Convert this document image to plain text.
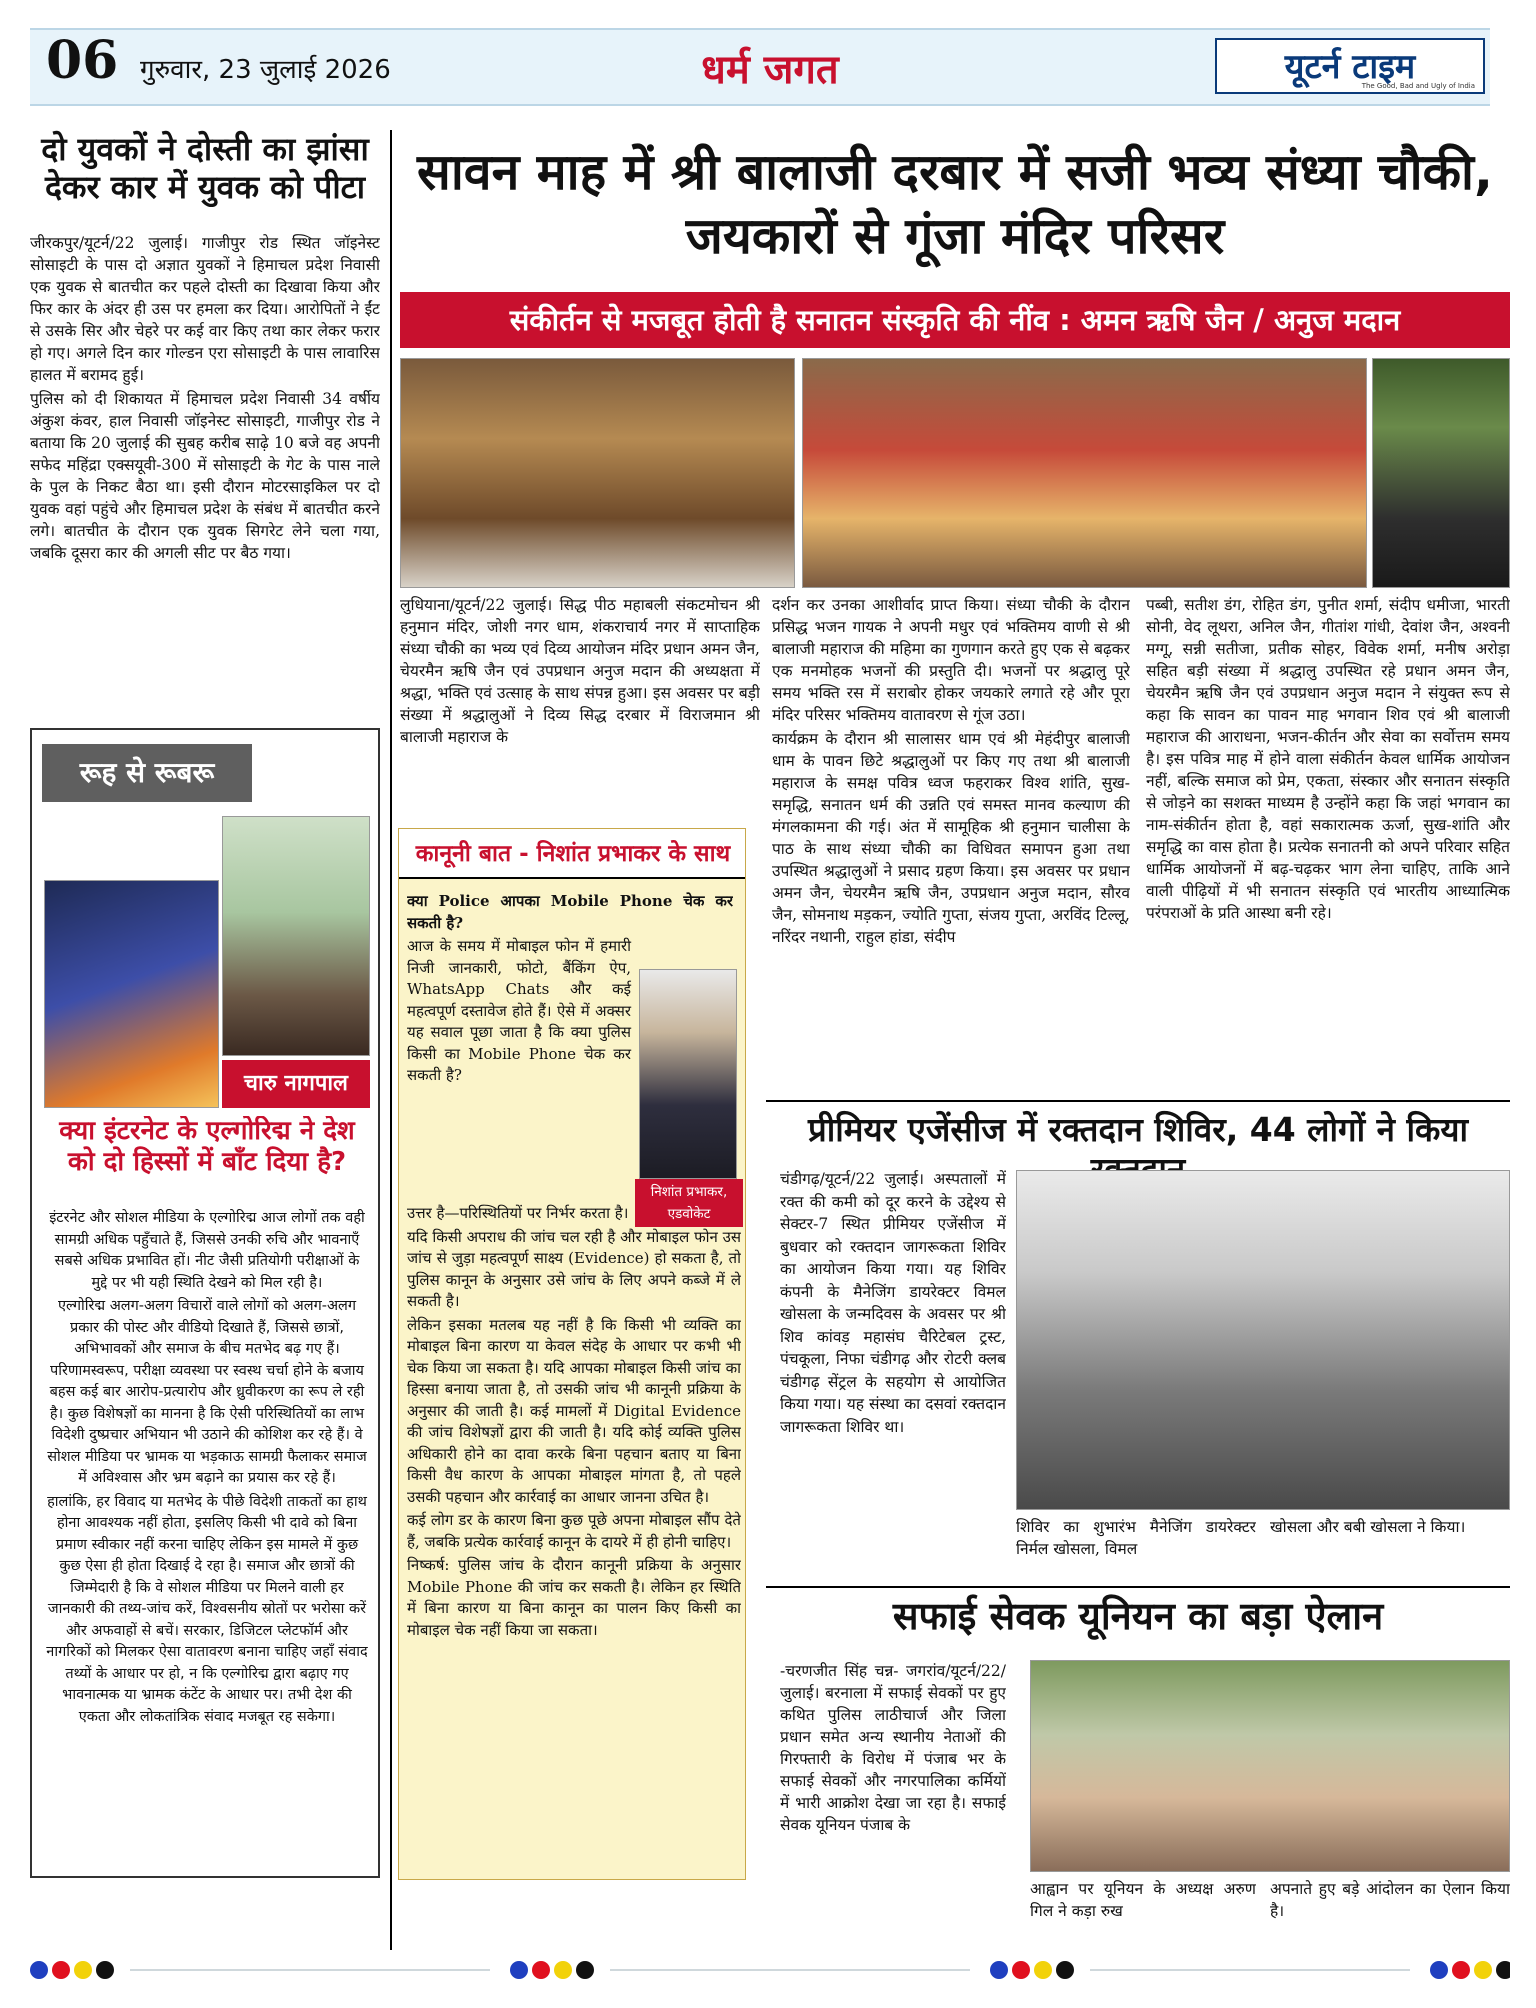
06 गुरुवार, 23 जुलाई 2026	धर्म जगत	यूटर्न टाइम
The Good, Bad and Ugly of India
दो युवकों ने दोस्ती का झांसा देकर कार में युवक को पीटा

जीरकपुर/यूटर्न/22 जुलाई। गाजीपुर रोड स्थित जॉइनेस्ट सोसाइटी के पास दो अज्ञात युवकों ने हिमाचल प्रदेश निवासी एक युवक से बातचीत कर पहले दोस्ती का दिखावा किया और फिर कार के अंदर ही उस पर हमला कर दिया। आरोपितों ने ईंट से उसके सिर और चेहरे पर कई वार किए तथा कार लेकर फरार हो गए। अगले दिन कार गोल्डन एरा सोसाइटी के पास लावारिस हालत में बरामद हुई।

पुलिस को दी शिकायत में हिमाचल प्रदेश निवासी 34 वर्षीय अंकुश कंवर, हाल निवासी जॉइनेस्ट सोसाइटी, गाजीपुर रोड ने बताया कि 20 जुलाई की सुबह करीब साढ़े 10 बजे वह अपनी सफेद महिंद्रा एक्सयूवी-300 में सोसाइटी के गेट के पास नाले के पुल के निकट बैठा था। इसी दौरान मोटरसाइकिल पर दो युवक वहां पहुंचे और हिमाचल प्रदेश के संबंध में बातचीत करने लगे। बातचीत के दौरान एक युवक सिगरेट लेने चला गया, जबकि दूसरा कार की अगली सीट पर बैठ गया।

रूह से रूबरू
चारु नागपाल
क्या इंटरनेट के एल्गोरिद्म ने देश को दो हिस्सों में बाँट दिया है?

इंटरनेट और सोशल मीडिया के एल्गोरिद्म आज लोगों तक वही सामग्री अधिक पहुँचाते हैं, जिससे उनकी रुचि और भावनाएँ सबसे अधिक प्रभावित हों। नीट जैसी प्रतियोगी परीक्षाओं के मुद्दे पर भी यही स्थिति देखने को मिल रही है।

एल्गोरिद्म अलग-अलग विचारों वाले लोगों को अलग-अलग प्रकार की पोस्ट और वीडियो दिखाते हैं, जिससे छात्रों, अभिभावकों और समाज के बीच मतभेद बढ़ गए हैं। परिणामस्वरूप, परीक्षा व्यवस्था पर स्वस्थ चर्चा होने के बजाय बहस कई बार आरोप-प्रत्यारोप और ध्रुवीकरण का रूप ले रही है। कुछ विशेषज्ञों का मानना है कि ऐसी परिस्थितियों का लाभ विदेशी दुष्प्रचार अभियान भी उठाने की कोशिश कर रहे हैं। वे सोशल मीडिया पर भ्रामक या भड़काऊ सामग्री फैलाकर समाज में अविश्वास और भ्रम बढ़ाने का प्रयास कर रहे हैं।

हालांकि, हर विवाद या मतभेद के पीछे विदेशी ताकतों का हाथ होना आवश्यक नहीं होता, इसलिए किसी भी दावे को बिना प्रमाण स्वीकार नहीं करना चाहिए लेकिन इस मामले में कुछ कुछ ऐसा ही होता दिखाई दे रहा है। समाज और छात्रों की जिम्मेदारी है कि वे सोशल मीडिया पर मिलने वाली हर जानकारी की तथ्य-जांच करें, विश्वसनीय स्रोतों पर भरोसा करें और अफवाहों से बचें। सरकार, डिजिटल प्लेटफॉर्म और नागरिकों को मिलकर ऐसा वातावरण बनाना चाहिए जहाँ संवाद तथ्यों के आधार पर हो, न कि एल्गोरिद्म द्वारा बढ़ाए गए भावनात्मक या भ्रामक कंटेंट के आधार पर। तभी देश की एकता और लोकतांत्रिक संवाद मजबूत रह सकेगा।

सावन माह में श्री बालाजी दरबार में सजी भव्य संध्या चौकी, जयकारों से गूंजा मंदिर परिसर
संकीर्तन से मजबूत होती है सनातन संस्कृति की नींव : अमन ऋषि जैन / अनुज मदान

लुधियाना/यूटर्न/22 जुलाई। सिद्ध पीठ महाबली संकटमोचन श्री हनुमान मंदिर, जोशी नगर धाम, शंकराचार्य नगर में साप्ताहिक संध्या चौकी का भव्य एवं दिव्य आयोजन मंदिर प्रधान अमन जैन, चेयरमैन ऋषि जैन एवं उपप्रधान अनुज मदान की अध्यक्षता में श्रद्धा, भक्ति एवं उत्साह के साथ संपन्न हुआ। इस अवसर पर बड़ी संख्या में श्रद्धालुओं ने दिव्य सिद्ध दरबार में विराजमान श्री बालाजी महाराज के

दर्शन कर उनका आशीर्वाद प्राप्त किया। संध्या चौकी के दौरान प्रसिद्ध भजन गायक ने अपनी मधुर एवं भक्तिमय वाणी से श्री बालाजी महाराज की महिमा का गुणगान करते हुए एक से बढ़कर एक मनमोहक भजनों की प्रस्तुति दी। भजनों पर श्रद्धालु पूरे समय भक्ति रस में सराबोर होकर जयकारे लगाते रहे और पूरा मंदिर परिसर भक्तिमय वातावरण से गूंज उठा।

कार्यक्रम के दौरान श्री सालासर धाम एवं श्री मेहंदीपुर बालाजी धाम के पावन छिटे श्रद्धालुओं पर किए गए तथा श्री बालाजी महाराज के समक्ष पवित्र ध्वज फहराकर विश्व शांति, सुख-समृद्धि, सनातन धर्म की उन्नति एवं समस्त मानव कल्याण की मंगलकामना की गई। अंत में सामूहिक श्री हनुमान चालीसा के पाठ के साथ संध्या चौकी का विधिवत समापन हुआ तथा उपस्थित श्रद्धालुओं ने प्रसाद ग्रहण किया। इस अवसर पर प्रधान अमन जैन, चेयरमैन ऋषि जैन, उपप्रधान अनुज मदान, सौरव जैन, सोमनाथ मड़कन, ज्योति गुप्ता, संजय गुप्ता, अरविंद टिल्लू, नरिंदर नथानी, राहुल हांडा, संदीप

पब्बी, सतीश डंग, रोहित डंग, पुनीत शर्मा, संदीप धमीजा, भारती सोनी, वेद लूथरा, अनिल जैन, गीतांश गांधी, देवांश जैन, अश्वनी मग्गू, सन्नी सतीजा, प्रतीक सोहर, विवेक शर्मा, मनीष अरोड़ा सहित बड़ी संख्या में श्रद्धालु उपस्थित रहे प्रधान अमन जैन, चेयरमैन ऋषि जैन एवं उपप्रधान अनुज मदान ने संयुक्त रूप से कहा कि सावन का पावन माह भगवान शिव एवं श्री बालाजी महाराज की आराधना, भजन-कीर्तन और सेवा का सर्वोत्तम समय है। इस पवित्र माह में होने वाला संकीर्तन केवल धार्मिक आयोजन नहीं, बल्कि समाज को प्रेम, एकता, संस्कार और सनातन संस्कृति से जोड़ने का सशक्त माध्यम है उन्होंने कहा कि जहां भगवान का नाम-संकीर्तन होता है, वहां सकारात्मक ऊर्जा, सुख-शांति और समृद्धि का वास होता है। प्रत्येक सनातनी को अपने परिवार सहित धार्मिक आयोजनों में बढ़-चढ़कर भाग लेना चाहिए, ताकि आने वाली पीढ़ियों में भी सनातन संस्कृति एवं भारतीय आध्यात्मिक परंपराओं के प्रति आस्था बनी रहे।

कानूनी बात - निशांत प्रभाकर के साथ
निशांत प्रभाकर,
एडवोकेट

क्या Police आपका Mobile Phone चेक कर सकती है?

आज के समय में मोबाइल फोन में हमारी निजी जानकारी, फोटो, बैंकिंग ऐप, WhatsApp Chats और कई महत्वपूर्ण दस्तावेज होते हैं। ऐसे में अक्सर यह सवाल पूछा जाता है कि क्या पुलिस किसी का Mobile Phone चेक कर सकती है?

उत्तर है—परिस्थितियों पर निर्भर करता है।

यदि किसी अपराध की जांच चल रही है और मोबाइल फोन उस जांच से जुड़ा महत्वपूर्ण साक्ष्य (Evidence) हो सकता है, तो पुलिस कानून के अनुसार उसे जांच के लिए अपने कब्जे में ले सकती है।

लेकिन इसका मतलब यह नहीं है कि किसी भी व्यक्ति का मोबाइल बिना कारण या केवल संदेह के आधार पर कभी भी चेक किया जा सकता है। यदि आपका मोबाइल किसी जांच का हिस्सा बनाया जाता है, तो उसकी जांच भी कानूनी प्रक्रिया के अनुसार की जाती है। कई मामलों में Digital Evidence की जांच विशेषज्ञों द्वारा की जाती है। यदि कोई व्यक्ति पुलिस अधिकारी होने का दावा करके बिना पहचान बताए या बिना किसी वैध कारण के आपका मोबाइल मांगता है, तो पहले उसकी पहचान और कार्रवाई का आधार जानना उचित है।

कई लोग डर के कारण बिना कुछ पूछे अपना मोबाइल सौंप देते हैं, जबकि प्रत्येक कार्रवाई कानून के दायरे में ही होनी चाहिए।

निष्कर्ष: पुलिस जांच के दौरान कानूनी प्रक्रिया के अनुसार Mobile Phone की जांच कर सकती है। लेकिन हर स्थिति में बिना कारण या बिना कानून का पालन किए किसी का मोबाइल चेक नहीं किया जा सकता।

प्रीमियर एजेंसीज में रक्तदान शिविर, 44 लोगों ने किया

चंडीगढ़/यूटर्न/22 जुलाई। अस्पतालों में रक्त की कमी को दूर करने के उद्देश्य से सेक्टर-7 स्थित प्रीमियर एजेंसीज में बुधवार को रक्तदान जागरूकता शिविर का आयोजन किया गया। यह शिविर कंपनी के मैनेजिंग डायरेक्टर विमल खोसला के जन्मदिवस के अवसर पर श्री शिव कांवड़ महासंघ चैरिटेबल ट्रस्ट, पंचकूला, निफा चंडीगढ़ और रोटरी क्लब चंडीगढ़ सेंट्रल के सहयोग से आयोजित किया गया। यह संस्था का दसवां रक्तदान जागरूकता शिविर था।

शिविर का शुभारंभ मैनेजिंग डायरेक्टर निर्मल खोसला, विमल

खोसला और बबी खोसला ने किया।

सफाई सेवक यूनियन का बड़ा ऐलान

-चरणजीत सिंह चन्न- जगरांव/यूटर्न/22/जुलाई। बरनाला में सफाई सेवकों पर हुए कथित पुलिस लाठीचार्ज और जिला प्रधान समेत अन्य स्थानीय नेताओं की गिरफ्तारी के विरोध में पंजाब भर के सफाई सेवकों और नगरपालिका कर्मियों में भारी आक्रोश देखा जा रहा है। सफाई सेवक यूनियन पंजाब के

आह्वान पर यूनियन के अध्यक्ष अरुण गिल ने कड़ा रुख

अपनाते हुए बड़े आंदोलन का ऐलान किया है।
